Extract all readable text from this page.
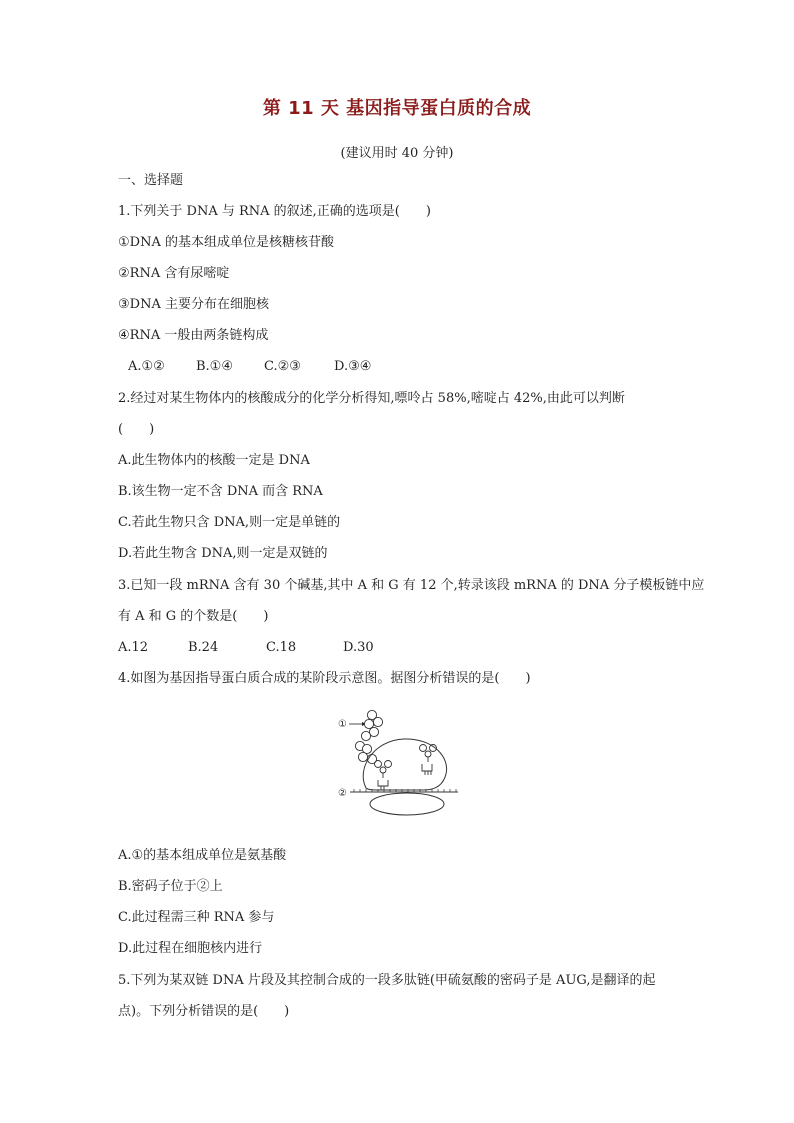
第 11 天 基因指导蛋白质的合成
(建议用时 40 分钟)
一、选择题
1.下列关于 DNA 与 RNA 的叙述,正确的选项是(　　)
①DNA 的基本组成单位是核糖核苷酸
②RNA 含有尿嘧啶
③DNA 主要分布在细胞核
④RNA 一般由两条链构成
A.①② B.①④ C.②③	D.③④
2.经过对某生物体内的核酸成分的化学分析得知,嘌呤占 58%,嘧啶占 42%,由此可以判断
(　　)
A.此生物体内的核酸一定是 DNA
B.该生物一定不含 DNA 而含 RNA
C.若此生物只含 DNA,则一定是单链的
D.若此生物含 DNA,则一定是双链的
3.已知一段 mRNA 含有 30 个碱基,其中 A 和 G 有 12 个,转录该段 mRNA 的 DNA 分子模板链中应
有 A 和 G 的个数是(　　)
A.12	B.24	C.18	D.30
4.如图为基因指导蛋白质合成的某阶段示意图。据图分析错误的是(　　)
①
②
A.①的基本组成单位是氨基酸
B.密码子位于②上
C.此过程需三种 RNA 参与
D.此过程在细胞核内进行
5.下列为某双链 DNA 片段及其控制合成的一段多肽链(甲硫氨酸的密码子是 AUG,是翻译的起
点)。下列分析错误的是(　　)
